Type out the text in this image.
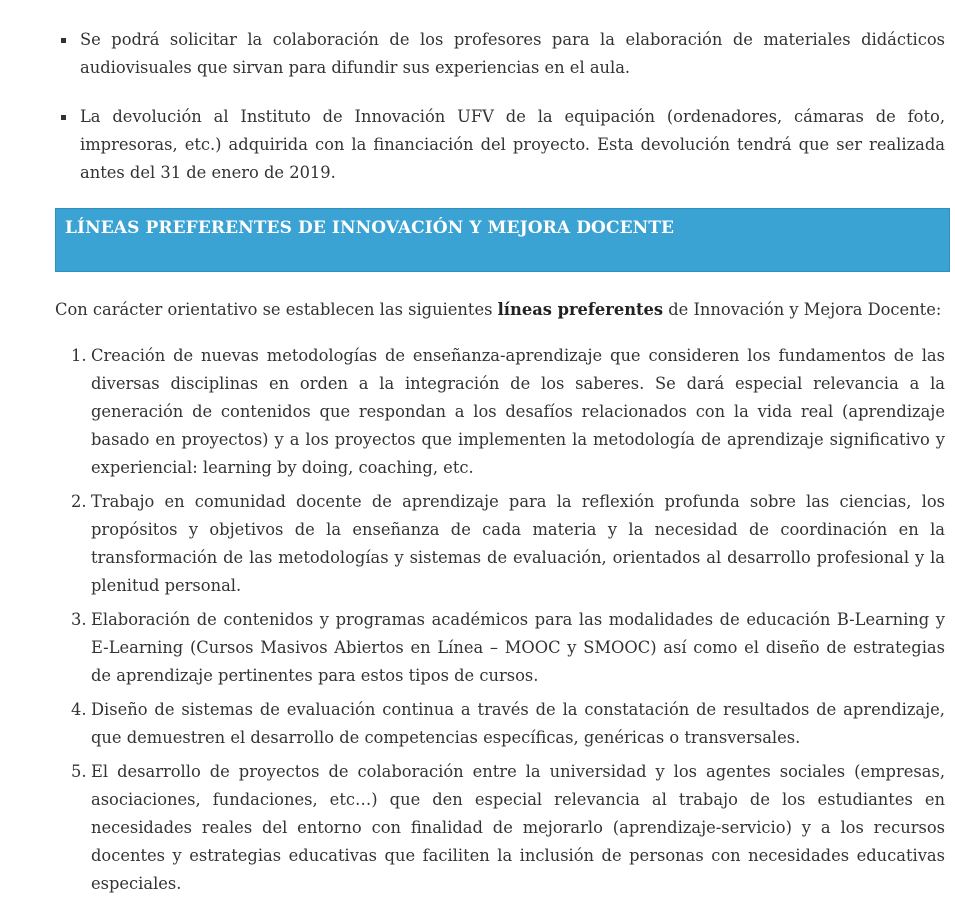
Se podrá solicitar la colaboración de los profesores para la elaboración de materiales didácticos audiovisuales que sirvan para difundir sus experiencias en el aula.
La devolución al Instituto de Innovación UFV de la equipación (ordenadores, cámaras de foto, impresoras, etc.) adquirida con la financiación del proyecto. Esta devolución tendrá que ser realizada antes del 31 de enero de 2019.
LÍNEAS PREFERENTES DE INNOVACIÓN Y MEJORA DOCENTE

Con carácter orientativo se establecen las siguientes líneas preferentes de Innovación y Mejora Docente:

1. Creación de nuevas metodologías de enseñanza-aprendizaje que consideren los fundamentos de las diversas disciplinas en orden a la integración de los saberes. Se dará especial relevancia a la generación de contenidos que respondan a los desafíos relacionados con la vida real (aprendizaje basado en proyectos) y a los proyectos que implementen la metodología de aprendizaje significativo y experiencial: learning by doing, coaching, etc.
2. Trabajo en comunidad docente de aprendizaje para la reflexión profunda sobre las ciencias, los propósitos y objetivos de la enseñanza de cada materia y la necesidad de coordinación en la transformación de las metodologías y sistemas de evaluación, orientados al desarrollo profesional y la plenitud personal.
3. Elaboración de contenidos y programas académicos para las modalidades de educación B-Learning y E-Learning (Cursos Masivos Abiertos en Línea – MOOC y SMOOC) así como el diseño de estrategias de aprendizaje pertinentes para estos tipos de cursos.
4. Diseño de sistemas de evaluación continua a través de la constatación de resultados de aprendizaje, que demuestren el desarrollo de competencias específicas, genéricas o transversales.
5. El desarrollo de proyectos de colaboración entre la universidad y los agentes sociales (empresas, asociaciones, fundaciones, etc…) que den especial relevancia al trabajo de los estudiantes en necesidades reales del entorno con finalidad de mejorarlo (aprendizaje-servicio) y a los recursos docentes y estrategias educativas que faciliten la inclusión de personas con necesidades educativas especiales.
